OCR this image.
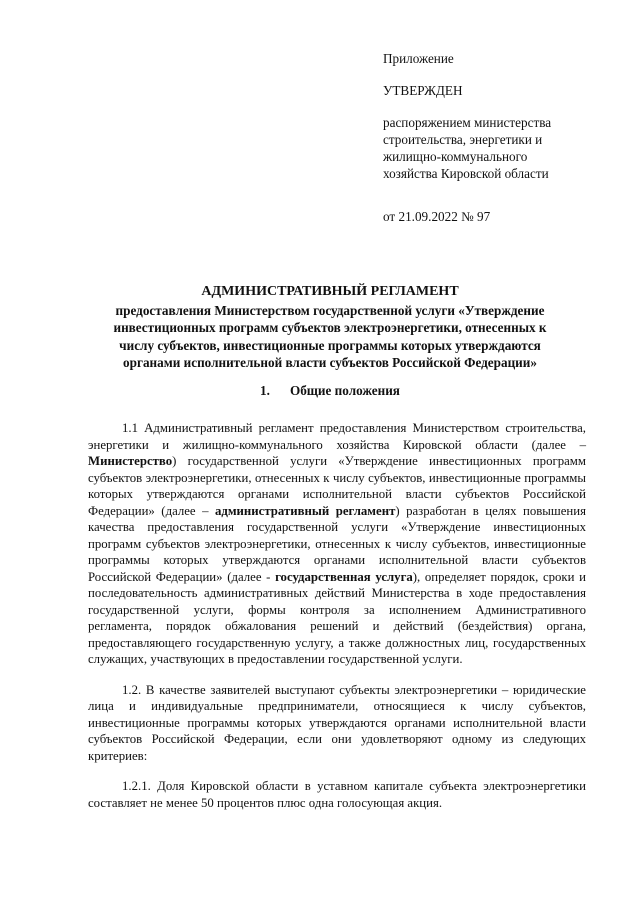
Приложение

УТВЕРЖДЕН

распоряжением министерства

строительства, энергетики и

жилищно-коммунального

хозяйства Кировской области

от 21.09.2022 № 97

АДМИНИСТРАТИВНЫЙ РЕГЛАМЕНТ
предоставления Министерством государственной услуги «Утверждение
инвестиционных программ субъектов электроэнергетики, отнесенных к
числу субъектов, инвестиционные программы которых утверждаются
органами исполнительной власти субъектов Российской Федерации»
1. Общие положения

1.1 Административный регламент предоставления Министерством строительства, энергетики и жилищно-коммунального хозяйства Кировской области (далее – Министерство) государственной услуги «Утверждение инвестиционных программ субъектов электроэнергетики, отнесенных к числу субъектов, инвестиционные программы которых утверждаются органами исполнительной власти субъектов Российской Федерации» (далее – административный регламент) разработан в целях повышения качества предоставления государственной услуги «Утверждение инвестиционных программ субъектов электроэнергетики, отнесенных к числу субъектов, инвестиционные программы которых утверждаются органами исполнительной власти субъектов Российской Федерации» (далее - государственная услуга), определяет порядок, сроки и последовательность административных действий Министерства в ходе предоставления государственной услуги, формы контроля за исполнением Административного регламента, порядок обжалования решений и действий (бездействия) органа, предоставляющего государственную услугу, а также должностных лиц, государственных служащих, участвующих в предоставлении государственной услуги.

1.2. В качестве заявителей выступают субъекты электроэнергетики – юридические лица и индивидуальные предприниматели, относящиеся к числу субъектов, инвестиционные программы которых утверждаются органами исполнительной власти субъектов Российской Федерации, если они удовлетворяют одному из следующих критериев:

1.2.1. Доля Кировской области в уставном капитале субъекта электроэнергетики составляет не менее 50 процентов плюс одна голосующая акция.
